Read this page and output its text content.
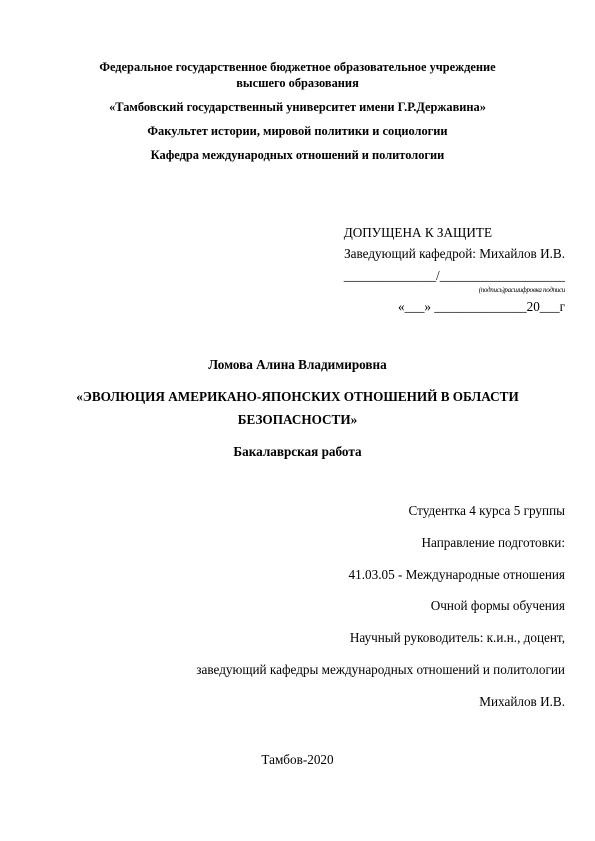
Федеральное государственное бюджетное образовательное учреждение
высшего образования
«Тамбовский государственный университет имени Г.Р.Державина»
Факультет истории, мировой политики и социологии
Кафедра международных отношений и политологии
ДОПУЩЕНА К ЗАЩИТЕ
Заведующий кафедрой: Михайлов И.В.
______________/___________________
(подпись)расшифровка подписи
«___» ______________20___г
Ломова Алина Владимировна
«ЭВОЛЮЦИЯ АМЕРИКАНО-ЯПОНСКИХ ОТНОШЕНИЙ В ОБЛАСТИ
БЕЗОПАСНОСТИ»
Бакалаврская работа
Студентка 4 курса 5 группы
Направление подготовки:
41.03.05 - Международные отношения
Очной формы обучения
Научный руководитель: к.и.н., доцент,
заведующий кафедры международных отношений и политологии
Михайлов И.В.
Тамбов-2020
